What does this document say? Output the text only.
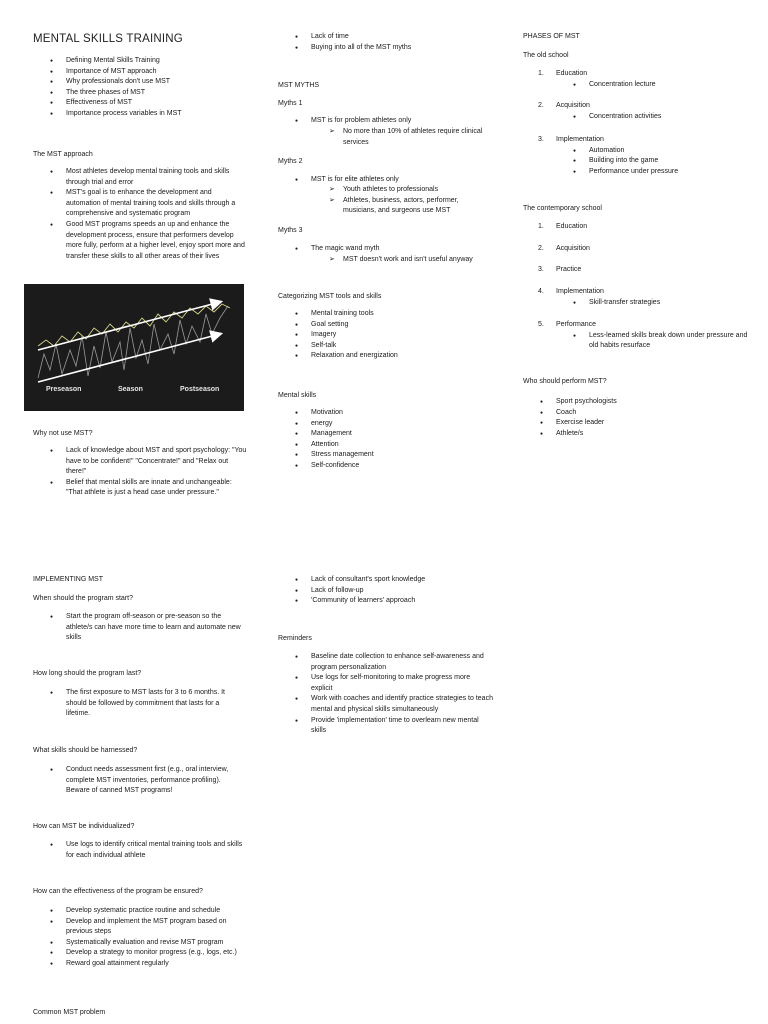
MENTAL SKILLS TRAINING
● Defining Mental Skills Training
● Importance of MST approach
● Why professionals don't use MST
● The three phases of MST
● Effectiveness of MST
● Importance process variables in MST
The MST approach
● Most athletes develop mental training tools and skills through trial and error
● MST's goal is to enhance the development and automation of mental training tools and skills through a comprehensive and systematic program
● Good MST programs speeds an up and enhance the development process, ensure that performers develop more fully, perform at a higher level, enjoy sport more and transfer these skills to all other areas of their lives
Preseason	Season	Postseason
Why not use MST?
● Lack of knowledge about MST and sport psychology: "You have to be confident!" "Concentrate!" and "Relax out there!"
● Belief that mental skills are innate and unchangeable: "That athlete is just a head case under pressure."
IMPLEMENTING MST
When should the program start?
● Start the program off-season or pre-season so the athlete/s can have more time to learn and automate new skills
How long should the program last?
● The first exposure to MST lasts for 3 to 6 months. It should be followed by commitment that lasts for a lifetime.
What skills should be harnessed?
● Conduct needs assessment first (e.g., oral interview, complete MST inventories, performance profiling). Beware of canned MST programs!
How can MST be individualized?
● Use logs to identify critical mental training tools and skills for each individual athlete
How can the effectiveness of the program be ensured?
● Develop systematic practice routine and schedule
● Develop and implement the MST program based on previous steps
● Systematically evaluation and revise MST program
● Develop a strategy to monitor progress (e.g., logs, etc.)
● Reward goal attainment regularly
Common MST problem
● Lack of time
● Buying into all of the MST myths
MST MYTHS
Myths 1
● MST is for problem athletes only
➢ No more than 10% of athletes require clinical services
Myths 2
● MST is for elite athletes only
➢ Youth athletes to professionals
➢ Athletes, business, actors, performer, musicians, and surgeons use MST
Myths 3
● The magic wand myth
➢ MST doesn't work and isn't useful anyway
Categorizing MST tools and skills
● Mental training tools
● Goal setting
● Imagery
● Self-talk
● Relaxation and energization
Mental skills
● Motivation
● energy
● Management
● Attention
● Stress management
● Self-confidence
● Lack of consultant's sport knowledge
● Lack of follow-up
● 'Community of learners' approach
Reminders
● Baseline date collection to enhance self-awareness and program personalization
● Use logs for self-monitoring to make progress more explicit
● Work with coaches and identify practice strategies to teach mental and physical skills simultaneously
● Provide 'implementation' time to overlearn new mental skills
PHASES OF MST
The old school
1. Education
● Concentration lecture
2. Acquisition
● Concentration activities
3. Implementation
● Automation
● Building into the game
● Performance under pressure
The contemporary school
1. Education
2. Acquisition
3. Practice
4. Implementation
● Skill-transfer strategies
5. Performance
● Less-learned skills break down under pressure and old habits resurface
Who should perform MST?
● Sport psychologists
● Coach
● Exercise leader
● Athlete/s
